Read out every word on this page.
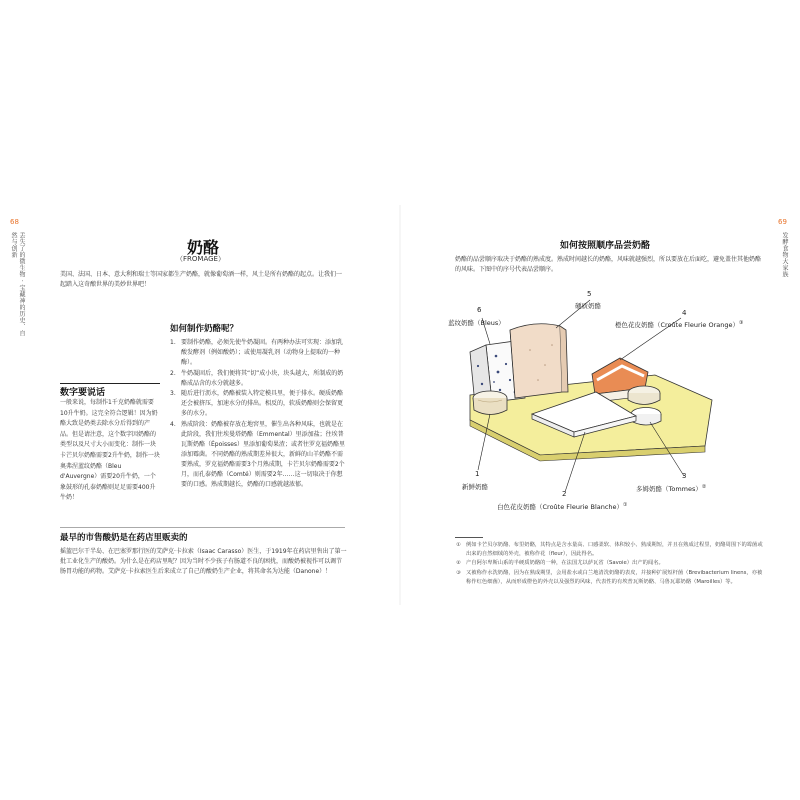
68
丢失了的微生物 · 宝藏神的历史、自然与创新	奶酪
（FROMAGE）
美国、法国、日本、意大利和瑞士等国家都生产奶酪，就像葡萄酒一样，风土是所有奶酪的起点。让我们一起踏入这奇酿世界的美妙世界吧！
如何制作奶酪呢？
1. 要制作奶酪，必须先使牛奶凝固。有两种办法可实现：添加乳酸发酵剂（例如酸奶）；或使用凝乳剂（动物身上提取的一种酶）。
2. 牛奶凝固后，我们便将其“切”成小块，块头越大，所制成的奶酪成品含的水分就越多。
3. 随后进行沥水，奶酪被装入特定模具里，便于排水。硬质奶酪还会被挤压，加速水分的排出。相反的，软质奶酪则会保留更多的水分。
4. 熟成阶段：奶酪被存放在地窖里，催生出各种风味，也就是在此阶段，我们往埃曼塔奶酪（Emmental）里添加盐；往埃普瓦斯奶酪（Époisses）里添加葡萄果渣；或者往罗克福奶酪里添加霉菌。不同奶酪的熟成期差异很大，新鲜的山羊奶酪不需要熟成，罗克福奶酪需要3个月熟成期，卡芒贝尔奶酪需要2个月，而孔泰奶酪（Comté）则需要2年……这一切取决于你想要的口感。熟成期越长，奶酪的口感就越浓郁。
数字要说话
一般来说，每制作1千克奶酪就需要10升牛奶。这完全符合逻辑！因为奶酪大致是奶类去除水分后得到的产品。但是请注意，这个数字因奶酪的类型以及尺寸大小而变化：制作一块卡芒贝尔奶酪需要2升牛奶，制作一块奥弗涅蓝纹奶酪（Bleu d'Auvergne）需要20升牛奶，一个象鼓形的孔泰奶酪则足足需要400升牛奶！
最早的市售酸奶是在药店里贩卖的
摇篮巴尔干半岛、在巴塞罗那行医的艾萨克·卡拉索（Isaac Carasso）医生，于1919年在药店里售出了第一批工业化生产的酸奶。为什么是在药店里呢？因为当时不少孩子有肠道不良的困扰，而酸奶被视作可以调节肠胃功能的药物。艾萨克·卡拉索医生后来成立了自己的酸奶生产企业，将其命名为达能（Danone）！
69
发酵食物大家族
如何按照顺序品尝奶酪
奶酪的品尝顺序取决于奶酪的熟成度。熟成时间越长的奶酪，风味就越强烈，所以要放在后面吃，避免盖住其他奶酪的风味。下图中的序号代表品尝顺序。
6
蓝纹奶酪（Bleus）
5
硬质奶酪
4
橙色花皮奶酪（Croûte Fleurie Orange）③
3
多姆奶酪（Tommes）②
2
白色花皮奶酪（Croûte Fleurie Blanche）①
1
新鲜奶酪
① 例如卡芒贝尔奶酪、布里奶酪，其特点是含水量高、口感柔软、体积较小、熟成期短，并且在熟成过程里，奶酪周围下的霉菌或出来的自然细绒的外壳，被称作花（fleur），因此得名。
② 产自阿尔卑斯山系的半硬质奶酪的一种，在法国尤以萨瓦省（Savoie）出产的闻名。
③ 又被称作水洗奶酪，因为在熟成期里，会用盐水或白兰地清洗奶酪的表皮，并接种扩展短杆菌（Brevibacterium linens，亦被称作红色细菌），从而形成橙色的外壳以及强烈的风味，代表性的有埃普瓦斯奶酪、马鲁瓦耶奶酪（Maroilles）等。
